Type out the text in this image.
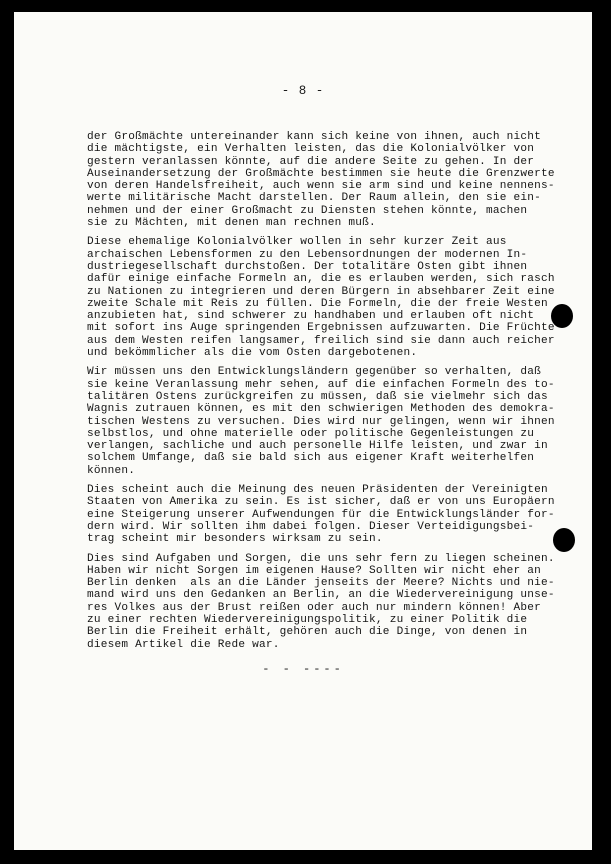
- 8 -
der Großmächte untereinander kann sich keine von ihnen, auch nicht
die mächtigste, ein Verhalten leisten, das die Kolonialvölker von
gestern veranlassen könnte, auf die andere Seite zu gehen. In der
Auseinandersetzung der Großmächte bestimmen sie heute die Grenzwerte
von deren Handelsfreiheit, auch wenn sie arm sind und keine nennens-
werte militärische Macht darstellen. Der Raum allein, den sie ein-
nehmen und der einer Großmacht zu Diensten stehen könnte, machen
sie zu Mächten, mit denen man rechnen muß.
Diese ehemalige Kolonialvölker wollen in sehr kurzer Zeit aus
archaischen Lebensformen zu den Lebensordnungen der modernen In-
dustriegesellschaft durchstoßen. Der totalitäre Osten gibt ihnen
dafür einige einfache Formeln an, die es erlauben werden, sich rasch
zu Nationen zu integrieren und deren Bürgern in absehbarer Zeit eine
zweite Schale mit Reis zu füllen. Die Formeln, die der freie Westen
anzubieten hat, sind schwerer zu handhaben und erlauben oft nicht
mit sofort ins Auge springenden Ergebnissen aufzuwarten. Die Früchte
aus dem Westen reifen langsamer, freilich sind sie dann auch reicher
und bekömmlicher als die vom Osten dargebotenen.
Wir müssen uns den Entwicklungsländern gegenüber so verhalten, daß
sie keine Veranlassung mehr sehen, auf die einfachen Formeln des to-
talitären Ostens zurückgreifen zu müssen, daß sie vielmehr sich das
Wagnis zutrauen können, es mit den schwierigen Methoden des demokra-
tischen Westens zu versuchen. Dies wird nur gelingen, wenn wir ihnen
selbstlos, und ohne materielle oder politische Gegenleistungen zu
verlangen, sachliche und auch personelle Hilfe leisten, und zwar in
solchem Umfange, daß sie bald sich aus eigener Kraft weiterhelfen
können.
Dies scheint auch die Meinung des neuen Präsidenten der Vereinigten
Staaten von Amerika zu sein. Es ist sicher, daß er von uns Europäern
eine Steigerung unserer Aufwendungen für die Entwicklungsländer for-
dern wird. Wir sollten ihm dabei folgen. Dieser Verteidigungsbei-
trag scheint mir besonders wirksam zu sein.
Dies sind Aufgaben und Sorgen, die uns sehr fern zu liegen scheinen.
Haben wir nicht Sorgen im eigenen Hause? Sollten wir nicht eher an
Berlin denken  als an die Länder jenseits der Meere? Nichts und nie-
mand wird uns den Gedanken an Berlin, an die Wiedervereinigung unse-
res Volkes aus der Brust reißen oder auch nur mindern können! Aber
zu einer rechten Wiedervereinigungspolitik, zu einer Politik die
Berlin die Freiheit erhält, gehören auch die Dinge, von denen in
diesem Artikel die Rede war.
- - ----
